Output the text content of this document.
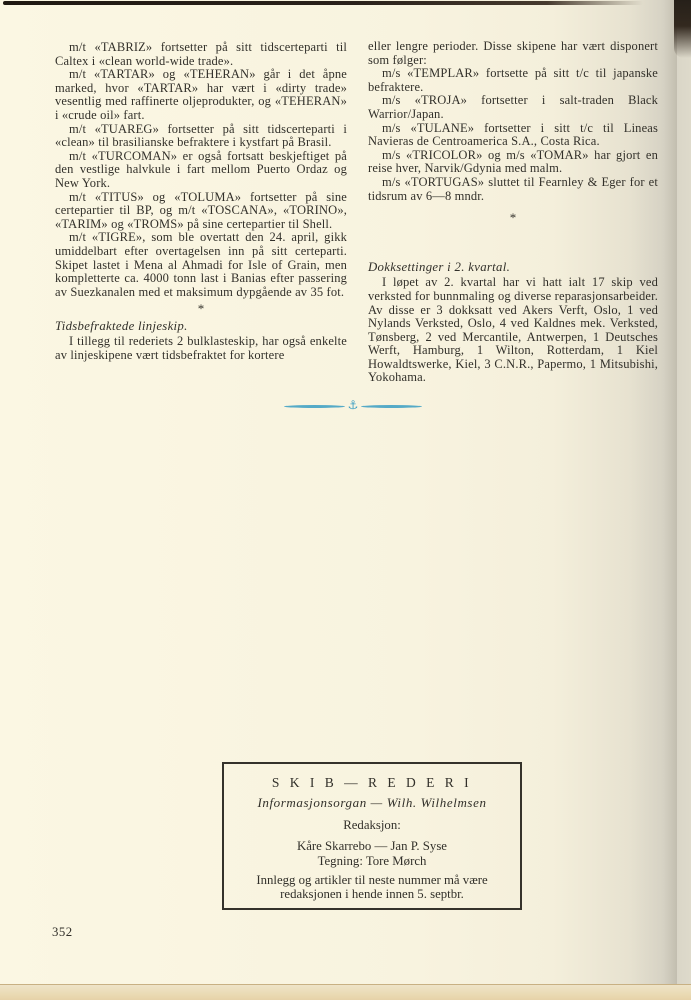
m/t «TABRIZ» fortsetter på sitt tidscerteparti til Caltex i «clean world-wide trade».

m/t «TARTAR» og «TEHERAN» går i det åpne marked, hvor «TARTAR» har vært i «dirty trade» vesentlig med raffinerte oljeprodukter, og «TEHERAN» i «crude oil» fart.

m/t «TUAREG» fortsetter på sitt tidscerteparti i «clean» til brasilianske befraktere i kystfart på Brasil.

m/t «TURCOMAN» er også fortsatt beskjeftiget på den vestlige halvkule i fart mellom Puerto Ordaz og New York.

m/t «TITUS» og «TOLUMA» fortsetter på sine certepartier til BP, og m/t «TOSCANA», «TORINO», «TARIM» og «TROMS» på sine certepartier til Shell.

m/t «TIGRE», som ble overtatt den 24. april, gikk umiddelbart efter overtagelsen inn på sitt certeparti. Skipet lastet i Mena al Ahmadi for Isle of Grain, men kompletterte ca. 4000 tonn last i Banias efter passering av Suezkanalen med et maksimum dypgående av 35 fot.

*
Tidsbefraktede linjeskip.

I tillegg til rederiets 2 bulklasteskip, har også enkelte av linjeskipene vært tidsbefraktet for kortere

eller lengre perioder. Disse skipene har vært disponert som følger:

m/s «TEMPLAR» fortsette på sitt t/c til japanske befraktere.

m/s «TROJA» fortsetter i salt-traden Black Warrior/Japan.

m/s «TULANE» fortsetter i sitt t/c til Lineas Navieras de Centroamerica S.A., Costa Rica.

m/s «TRICOLOR» og m/s «TOMAR» har gjort en reise hver, Narvik/Gdynia med malm.

m/s «TORTUGAS» sluttet til Fearnley & Eger for et tidsrum av 6—8 mndr.

*
Dokksettinger i 2. kvartal.

I løpet av 2. kvartal har vi hatt ialt 17 skip ved verksted for bunnmaling og diverse reparasjonsarbeider. Av disse er 3 dokksatt ved Akers Verft, Oslo, 1 ved Nylands Verksted, Oslo, 4 ved Kaldnes mek. Verksted, Tønsberg, 2 ved Mercantile, Antwerpen, 1 Deutsches Werft, Hamburg, 1 Wilton, Rotterdam, 1 Kiel Howaldtswerke, Kiel, 3 C.N.R., Papermo, 1 Mitsubishi, Yokohama.

⚓
S K I B — R E D E R I
Informasjonsorgan — Wilh. Wilhelmsen
Redaksjon:
Kåre Skarrebo — Jan P. Syse
Tegning: Tore Mørch
Innlegg og artikler til neste nummer må være redaksjonen i hende innen 5. septbr.
352
